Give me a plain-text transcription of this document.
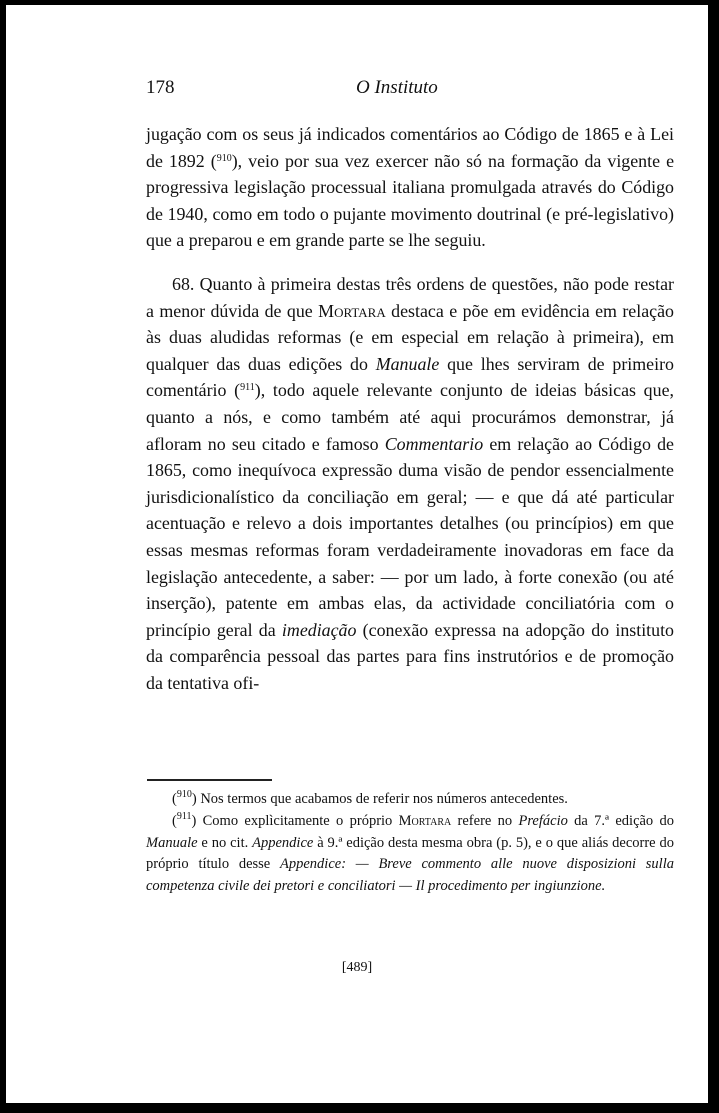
178	O Instituto

jugação com os seus já indicados comentários ao Código de 1865 e à Lei de 1892 ($^{910}$), veio por sua vez exercer não só na formação da vigente e progressiva legislação processual italiana promulgada através do Código de 1940, como em todo o pujante movimento doutrinal (e pré-legislativo) que a preparou e em grande parte se lhe seguiu.

68. Quanto à primeira destas três ordens de questões, não pode restar a menor dúvida de que Mortara destaca e põe em evidência em relação às duas aludidas reformas (e em especial em relação à primeira), em qualquer das duas edições do Manuale que lhes serviram de primeiro comentário ($^{911}$), todo aquele relevante conjunto de ideias básicas que, quanto a nós, e como também até aqui procurámos demonstrar, já afloram no seu citado e famoso Commentario em relação ao Código de 1865, como inequívoca expressão duma visão de pendor essencialmente jurisdicionalístico da conciliação em geral; — e que dá até particular acentuação e relevo a dois importantes detalhes (ou princípios) em que essas mesmas reformas foram verdadeiramente inovadoras em face da legislação antecedente, a saber: — por um lado, à forte conexão (ou até inserção), patente em ambas elas, da actividade conciliatória com o princípio geral da imediação (conexão expressa na adopção do instituto da comparência pessoal das partes para fins instrutórios e de promoção da tentativa ofi-

($^{910}$) Nos termos que acabamos de referir nos números antecedentes.

($^{911}$) Como explìcitamente o próprio Mortara refere no Prefácio da 7.ª edição do Manuale e no cit. Appendice à 9.ª edição desta mesma obra (p. 5), e o que aliás decorre do próprio título desse Appendice: — Breve commento alle nuove disposizioni sulla competenza civile dei pretori e conciliatori — Il procedimento per ingiunzione.

[489]
